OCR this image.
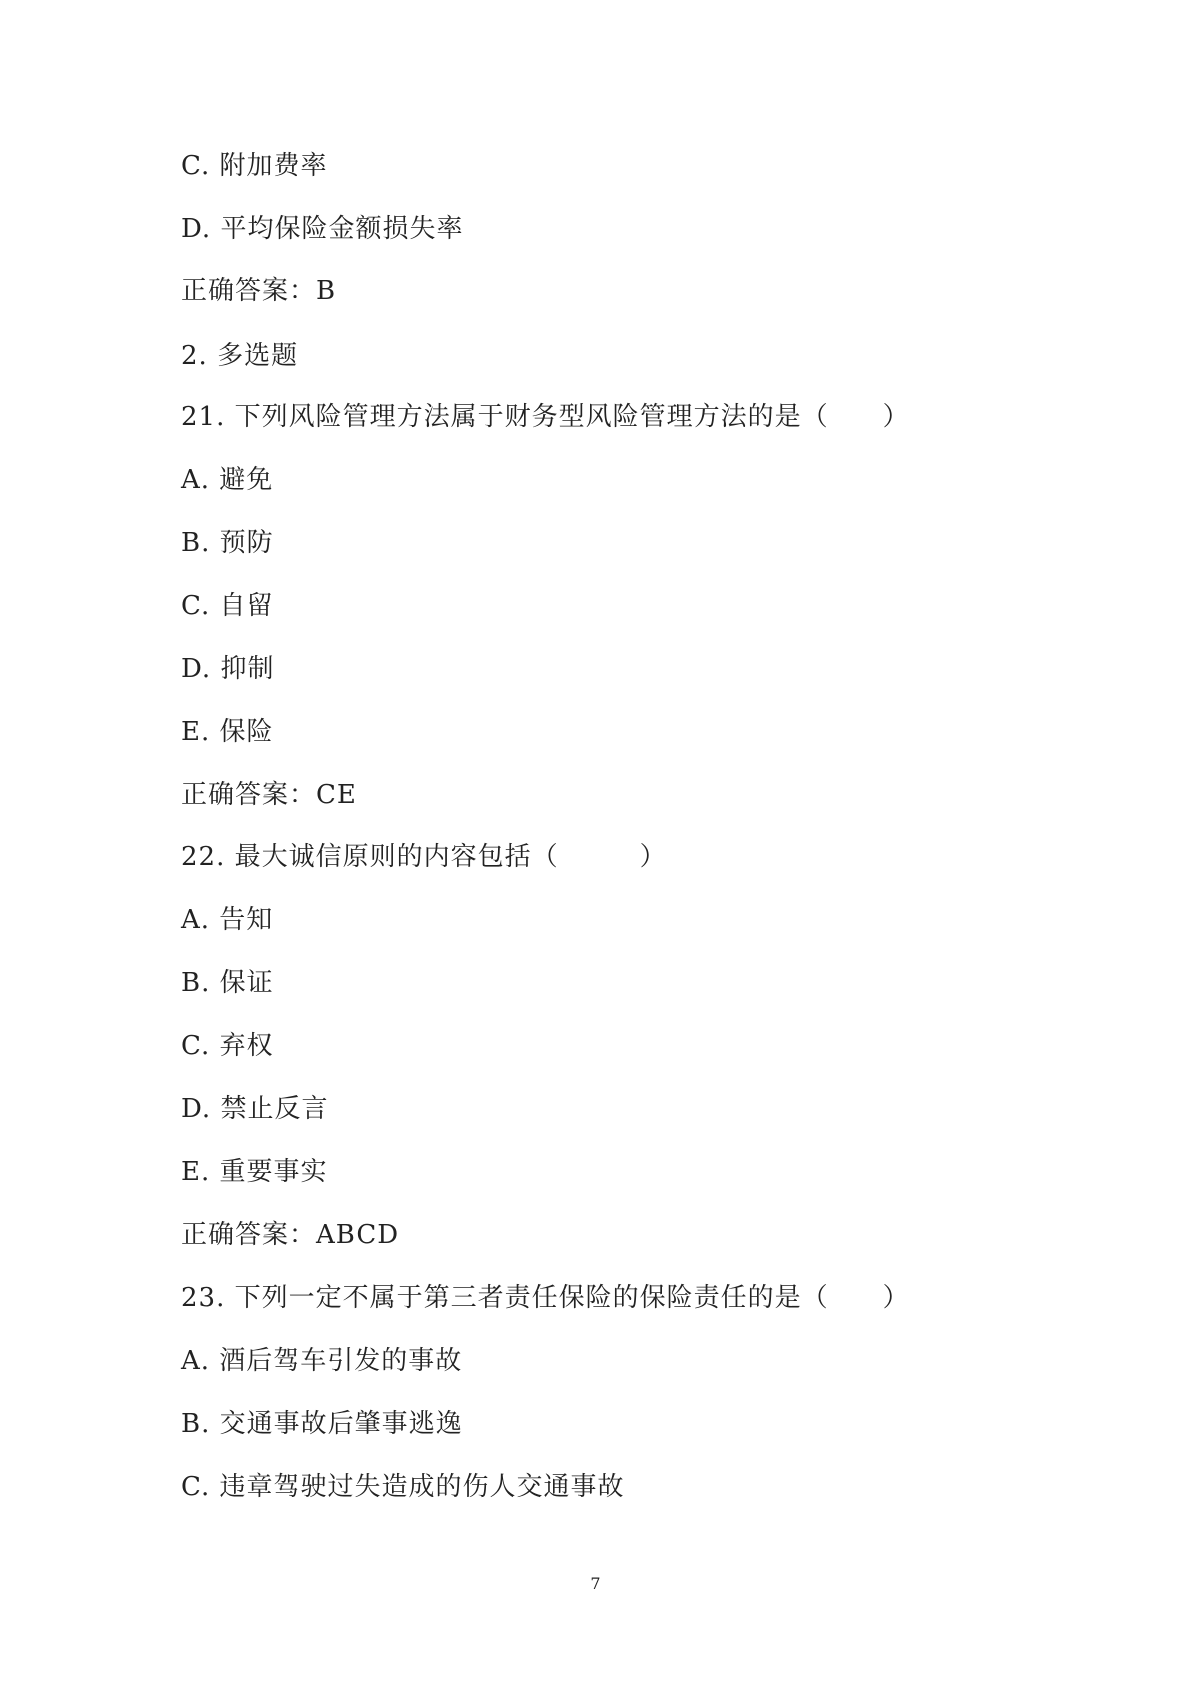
C. 附加费率
D. 平均保险金额损失率
正确答案：B
2. 多选题
21. 下列风险管理方法属于财务型风险管理方法的是（　　）
A. 避免
B. 预防
C. 自留
D. 抑制
E. 保险
正确答案：CE
22. 最大诚信原则的内容包括（　　　）
A. 告知
B. 保证
C. 弃权
D. 禁止反言
E. 重要事实
正确答案：ABCD
23. 下列一定不属于第三者责任保险的保险责任的是（　　）
A. 酒后驾车引发的事故
B. 交通事故后肇事逃逸
C. 违章驾驶过失造成的伤人交通事故
7
